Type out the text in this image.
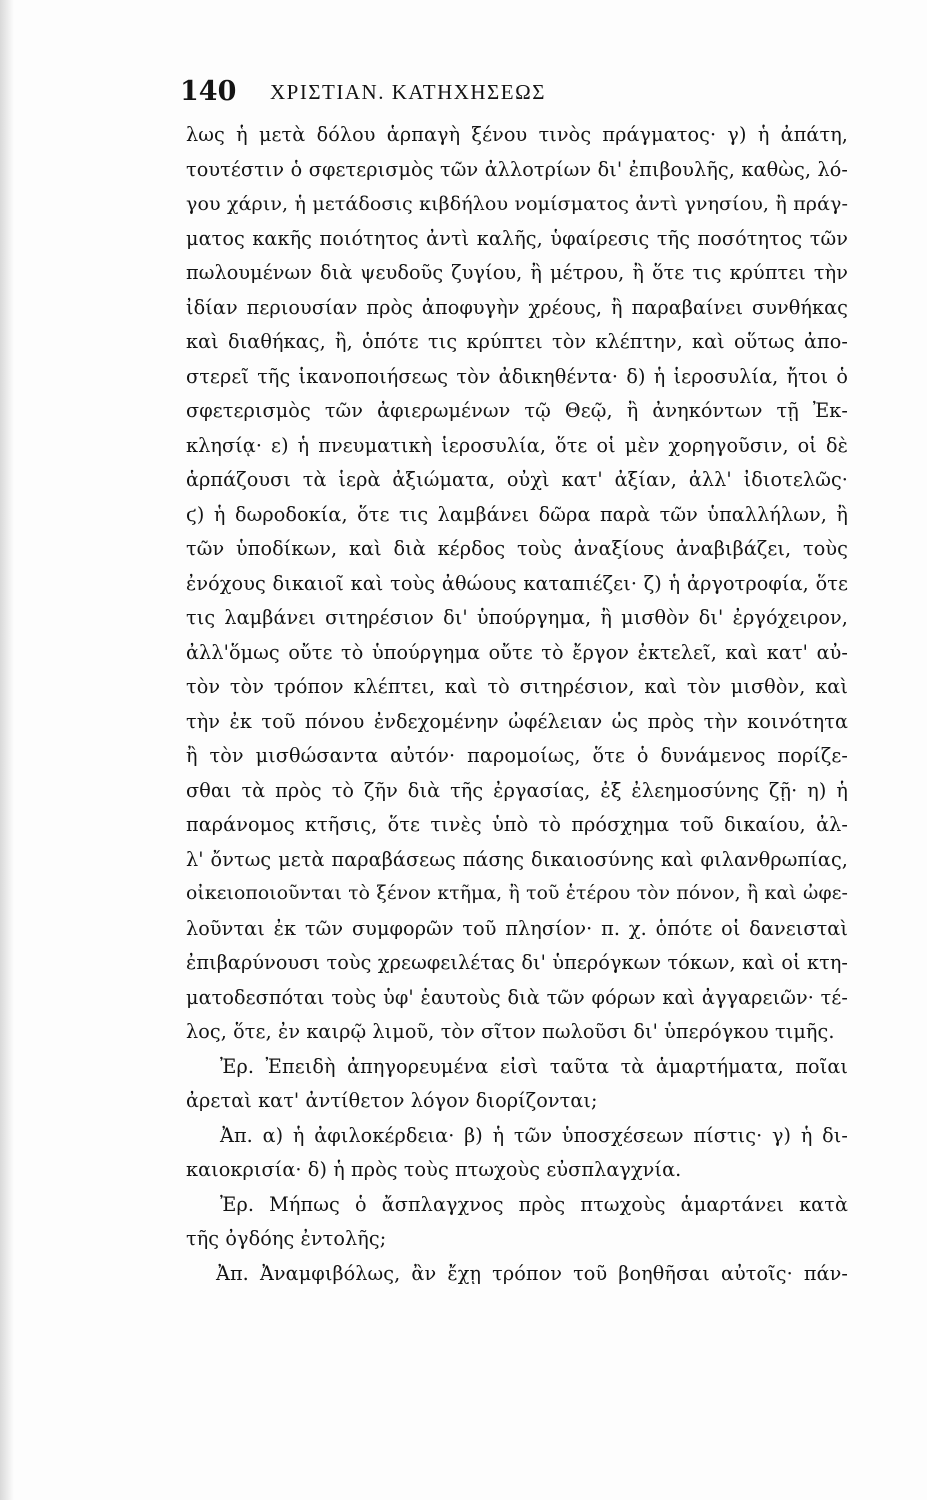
140 ΧΡΙΣΤΙΑΝ. ΚΑΤΗΧΗΣΕΩΣ
λως ἡ μετὰ δόλου ἁρπαγὴ ξένου τινὸς πράγματος· γ) ἡ ἀπάτη,
τουτέστιν ὁ σφετερισμὸς τῶν ἀλλοτρίων δι' ἐπιβουλῆς, καθὼς, λό-
γου χάριν, ἡ μετάδοσις κιβδήλου νομίσματος ἀντὶ γνησίου, ἢ πράγ-
ματος κακῆς ποιότητος ἀντὶ καλῆς, ὑφαίρεσις τῆς ποσότητος τῶν
πωλουμένων διὰ ψευδοῦς ζυγίου, ἢ μέτρου, ἢ ὅτε τις κρύπτει τὴν
ἰδίαν περιουσίαν πρὸς ἀποφυγὴν χρέους, ἢ παραβαίνει συνθήκας
καὶ διαθήκας, ἢ, ὁπότε τις κρύπτει τὸν κλέπτην, καὶ οὕτως ἀπο-
στερεῖ τῆς ἱκανοποιήσεως τὸν ἀδικηθέντα· δ) ἡ ἱεροσυλία, ἤτοι ὁ
σφετερισμὸς τῶν ἀφιερωμένων τῷ Θεῷ, ἢ ἀνηκόντων τῇ Ἐκ-
κλησίᾳ· ε) ἡ πνευματικὴ ἱεροσυλία, ὅτε οἱ μὲν χορηγοῦσιν, οἱ δὲ
ἁρπάζουσι τὰ ἱερὰ ἀξιώματα, οὐχὶ κατ' ἀξίαν, ἀλλ' ἰδιοτελῶς·
ϛ) ἡ δωροδοκία, ὅτε τις λαμβάνει δῶρα παρὰ τῶν ὑπαλλήλων, ἢ
τῶν ὑποδίκων, καὶ διὰ κέρδος τοὺς ἀναξίους ἀναβιβάζει, τοὺς
ἐνόχους δικαιοῖ καὶ τοὺς ἀθώους καταπιέζει· ζ) ἡ ἀργοτροφία, ὅτε
τις λαμβάνει σιτηρέσιον δι' ὑπούργημα, ἢ μισθὸν δι' ἐργόχειρον,
ἀλλ'ὅμως οὔτε τὸ ὑπούργημα οὔτε τὸ ἔργον ἐκτελεῖ, καὶ κατ' αὐ-
τὸν τὸν τρόπον κλέπτει, καὶ τὸ σιτηρέσιον, καὶ τὸν μισθὸν, καὶ
τὴν ἐκ τοῦ πόνου ἐνδεχομένην ὠφέλειαν ὡς πρὸς τὴν κοινότητα
ἢ τὸν μισθώσαντα αὐτόν· παρομοίως, ὅτε ὁ δυνάμενος πορίζε-
σθαι τὰ πρὸς τὸ ζῆν διὰ τῆς ἐργασίας, ἐξ ἐλεημοσύνης ζῇ· η) ἡ
παράνομος κτῆσις, ὅτε τινὲς ὑπὸ τὸ πρόσχημα τοῦ δικαίου, ἀλ-
λ' ὄντως μετὰ παραβάσεως πάσης δικαιοσύνης καὶ φιλανθρωπίας,
οἰκειοποιοῦνται τὸ ξένον κτῆμα, ἢ τοῦ ἑτέρου τὸν πόνον, ἢ καὶ ὠφε-
λοῦνται ἐκ τῶν συμφορῶν τοῦ πλησίον· π. χ. ὁπότε οἱ δανεισταὶ
ἐπιβαρύνουσι τοὺς χρεωφειλέτας δι' ὑπερόγκων τόκων, καὶ οἱ κτη-
ματοδεσπόται τοὺς ὑφ' ἑαυτοὺς διὰ τῶν φόρων καὶ ἀγγαρειῶν· τέ-
λος, ὅτε, ἐν καιρῷ λιμοῦ, τὸν σῖτον πωλοῦσι δι' ὑπερόγκου τιμῆς.
Ἐρ. Ἐπειδὴ ἀπηγορευμένα εἰσὶ ταῦτα τὰ ἁμαρτήματα, ποῖαι
ἀρεταὶ κατ' ἀντίθετον λόγον διορίζονται;
Ἀπ. α) ἡ ἀφιλοκέρδεια· β) ἡ τῶν ὑποσχέσεων πίστις· γ) ἡ δι-
καιοκρισία· δ) ἡ πρὸς τοὺς πτωχοὺς εὐσπλαγχνία.
Ἐρ. Μήπως ὁ ἄσπλαγχνος πρὸς πτωχοὺς ἁμαρτάνει κατὰ
τῆς ὀγδόης ἐντολῆς;
Ἀπ. Ἀναμφιβόλως, ἂν ἔχῃ τρόπον τοῦ βοηθῆσαι αὐτοῖς· πάν-
